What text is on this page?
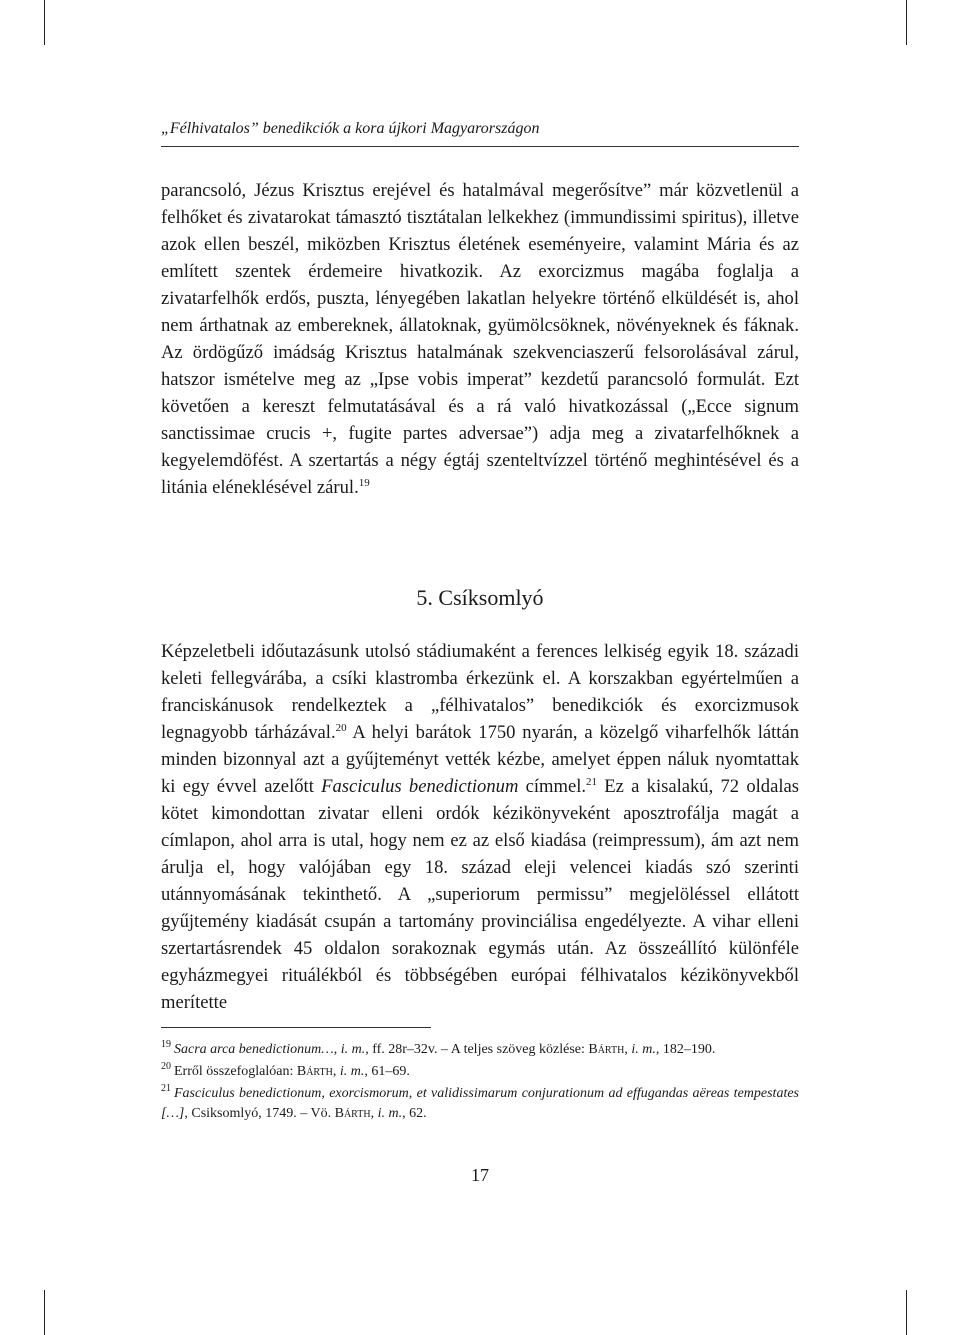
„Félhivatalos” benedikciók a kora újkori Magyarországon

parancsoló, Jézus Krisztus erejével és hatalmával megerősítve” már közvetlenül a felhőket és zivatarokat támasztó tisztátalan lelkekhez (immundissimi spiritus), illetve azok ellen beszél, miközben Krisztus életének eseményeire, valamint Mária és az említett szentek érdemeire hivatkozik. Az exorcizmus magába foglalja a zivatarfelhők erdős, puszta, lényegében lakatlan helyekre történő elküldését is, ahol nem árthatnak az embereknek, állatoknak, gyümölcsöknek, növényeknek és fáknak. Az ördögűző imádság Krisztus hatalmának szekvenciaszerű felsorolásával zárul, hatszor ismételve meg az „Ipse vobis imperat” kezdetű parancsoló formulát. Ezt követően a kereszt felmutatásával és a rá való hivatkozással („Ecce signum sanctissimae crucis +, fugite partes adversae”) adja meg a zivatarfelhőknek a kegyelemdöfést. A szertartás a négy égtáj szenteltvízzel történő meghintésével és a litánia eléneklésével zárul.$^{19}$

5. Csíksomlyó

Képzeletbeli időutazásunk utolsó stádiumaként a ferences lelkiség egyik 18. századi keleti fellegvárába, a csíki klastromba érkezünk el. A korszakban egyértelműen a franciskánusok rendelkeztek a „félhivatalos” benedikciók és exorcizmusok legnagyobb tárházával.$^{20}$ A helyi barátok 1750 nyarán, a közelgő viharfelhők láttán minden bizonnyal azt a gyűjteményt vették kézbe, amelyet éppen náluk nyomtattak ki egy évvel azelőtt Fasciculus benedictionum címmel.$^{21}$ Ez a kisalakú, 72 oldalas kötet kimondottan zivatar elleni ordók kézikönyveként aposztrofálja magát a címlapon, ahol arra is utal, hogy nem ez az első kiadása (reimpressum), ám azt nem árulja el, hogy valójában egy 18. század eleji velencei kiadás szó szerinti utánnyomásának tekinthető. A „superiorum permissu” megjelöléssel ellátott gyűjtemény kiadását csupán a tartomány provinciálisa engedélyezte. A vihar elleni szertartásrendek 45 oldalon sorakoznak egymás után. Az összeállító különféle egyházmegyei rituálékból és többségében európai félhivatalos kézikönyvekből merítette

$^{19}$ Sacra arca benedictionum…, i. m., ff. 28r–32v. – A teljes szöveg közlése: Bárth, i. m., 182–190.

$^{20}$ Erről összefoglalóan: Bárth, i. m., 61–69.

$^{21}$ Fasciculus benedictionum, exorcismorum, et validissimarum conjurationum ad effugandas aëreas tempestates […], Csiksomlyó, 1749. – Vö. Bárth, i. m., 62.

17
